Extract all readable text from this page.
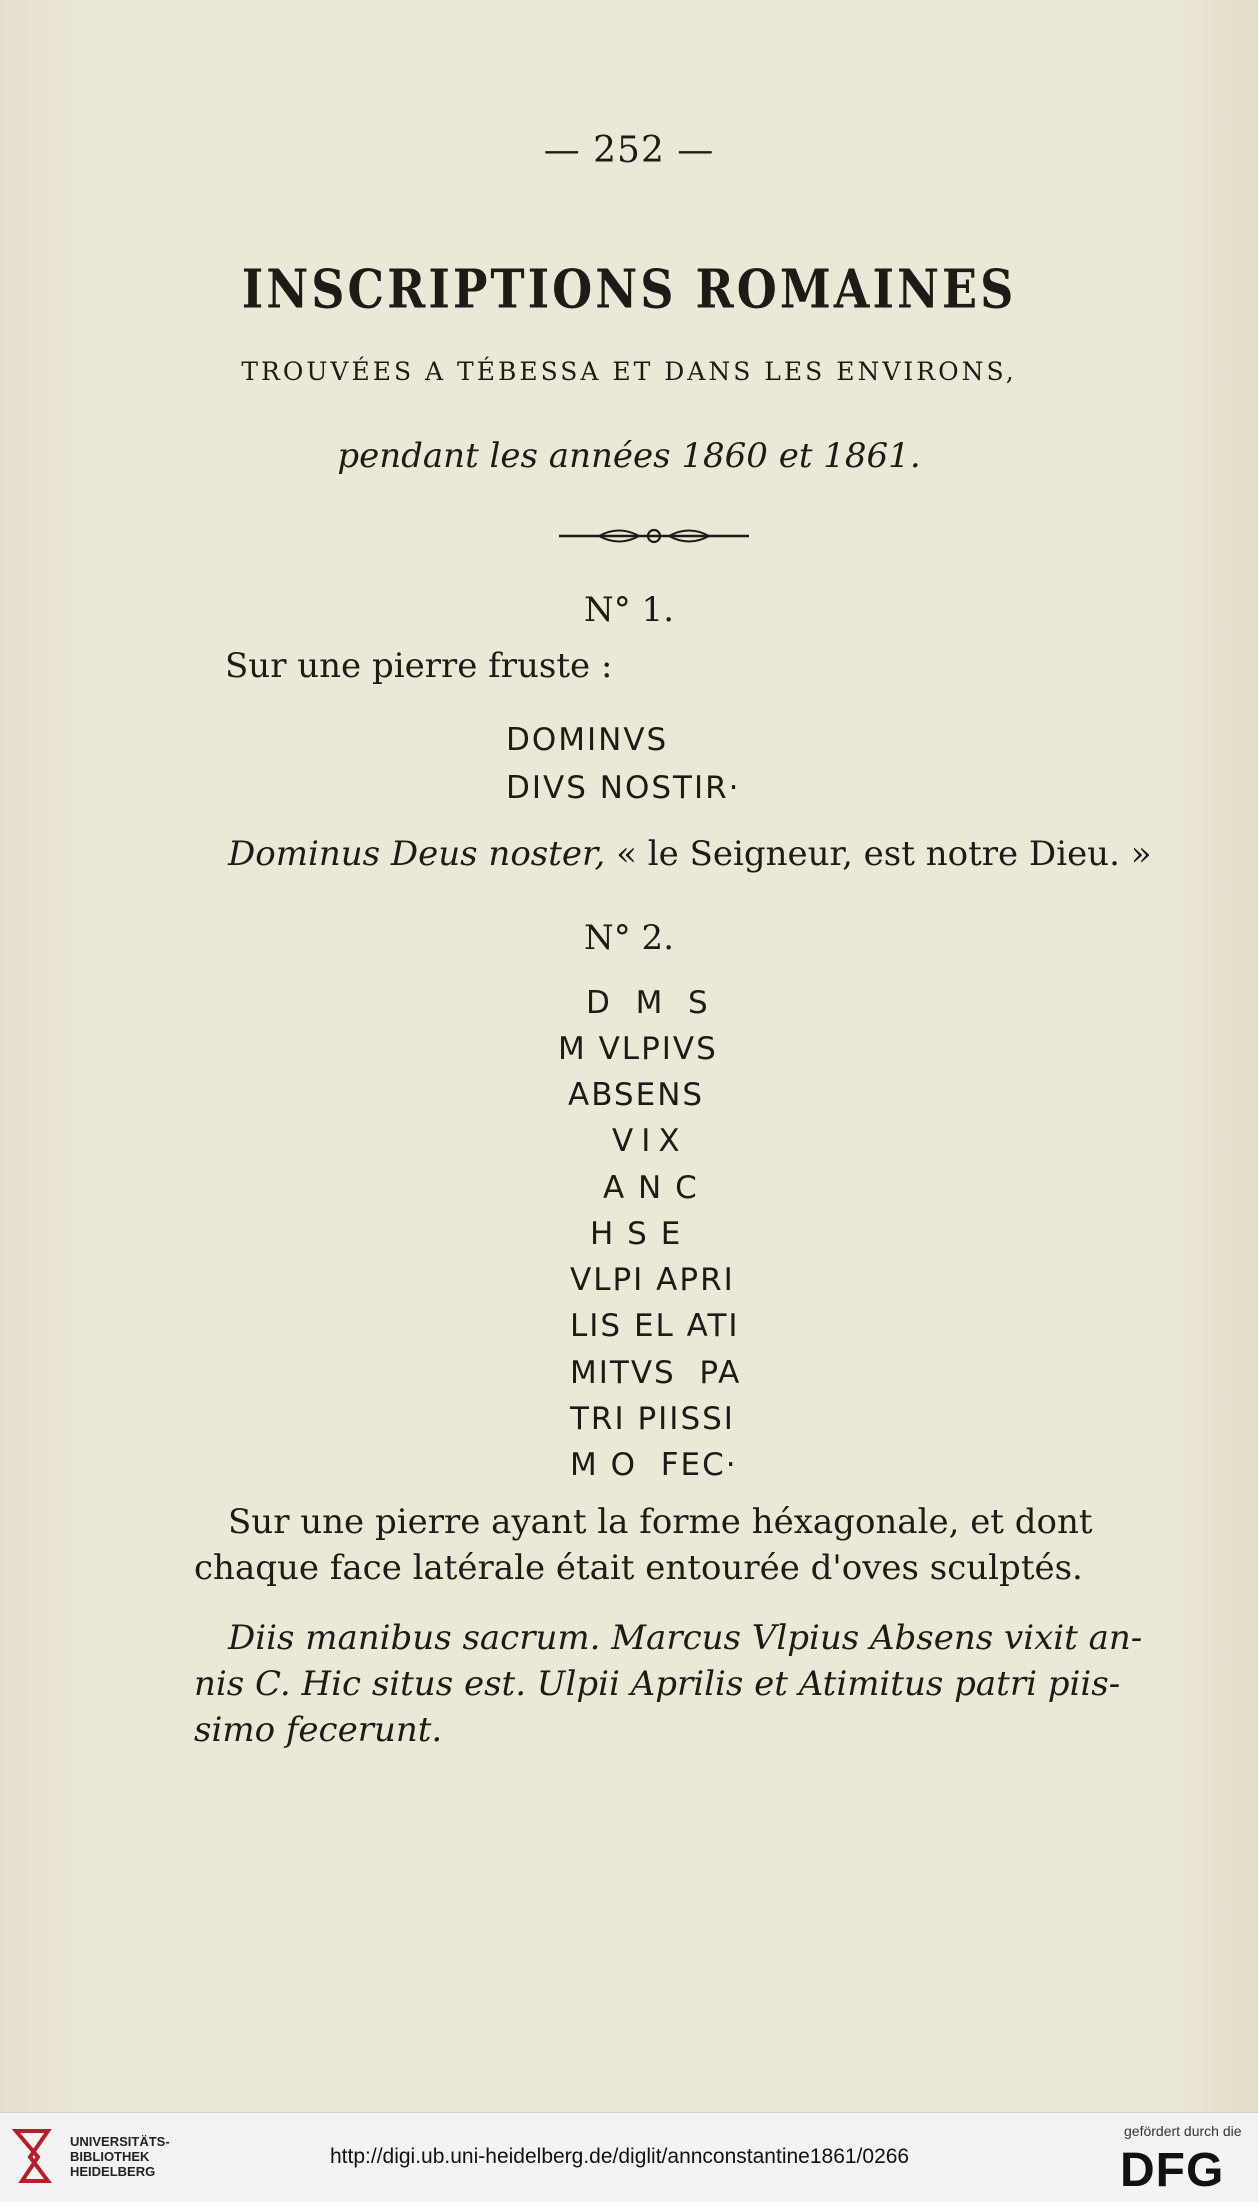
— 252 —
INSCRIPTIONS ROMAINES
TROUVÉES A TÉBESSA ET DANS LES ENVIRONS,
pendant les années 1860 et 1861.
N° 1.
Sur une pierre fruste :
DOMINVS
DIVS NOSTIR·
Dominus Deus noster, « le Seigneur, est notre Dieu. »
N° 2.
D  M  S
M VLPIVS
ABSENS
VIX
A N C
H S E
VLPI APRI
LIS EL ATI
MITVS  PA
TRI PIISSI
M O  FEC·
Sur une pierre ayant la forme héxagonale, et dont
chaque face latérale était entourée d'oves sculptés.
Diis manibus sacrum. Marcus Vlpius Absens vixit an-
nis C. Hic situs est. Ulpii Aprilis et Atimitus patri piis-
simo fecerunt.
UNIVERSITÄTS-
BIBLIOTHEK
HEIDELBERG
http://digi.ub.uni-heidelberg.de/diglit/annconstantine1861/0266
gefördert durch die
DFG
